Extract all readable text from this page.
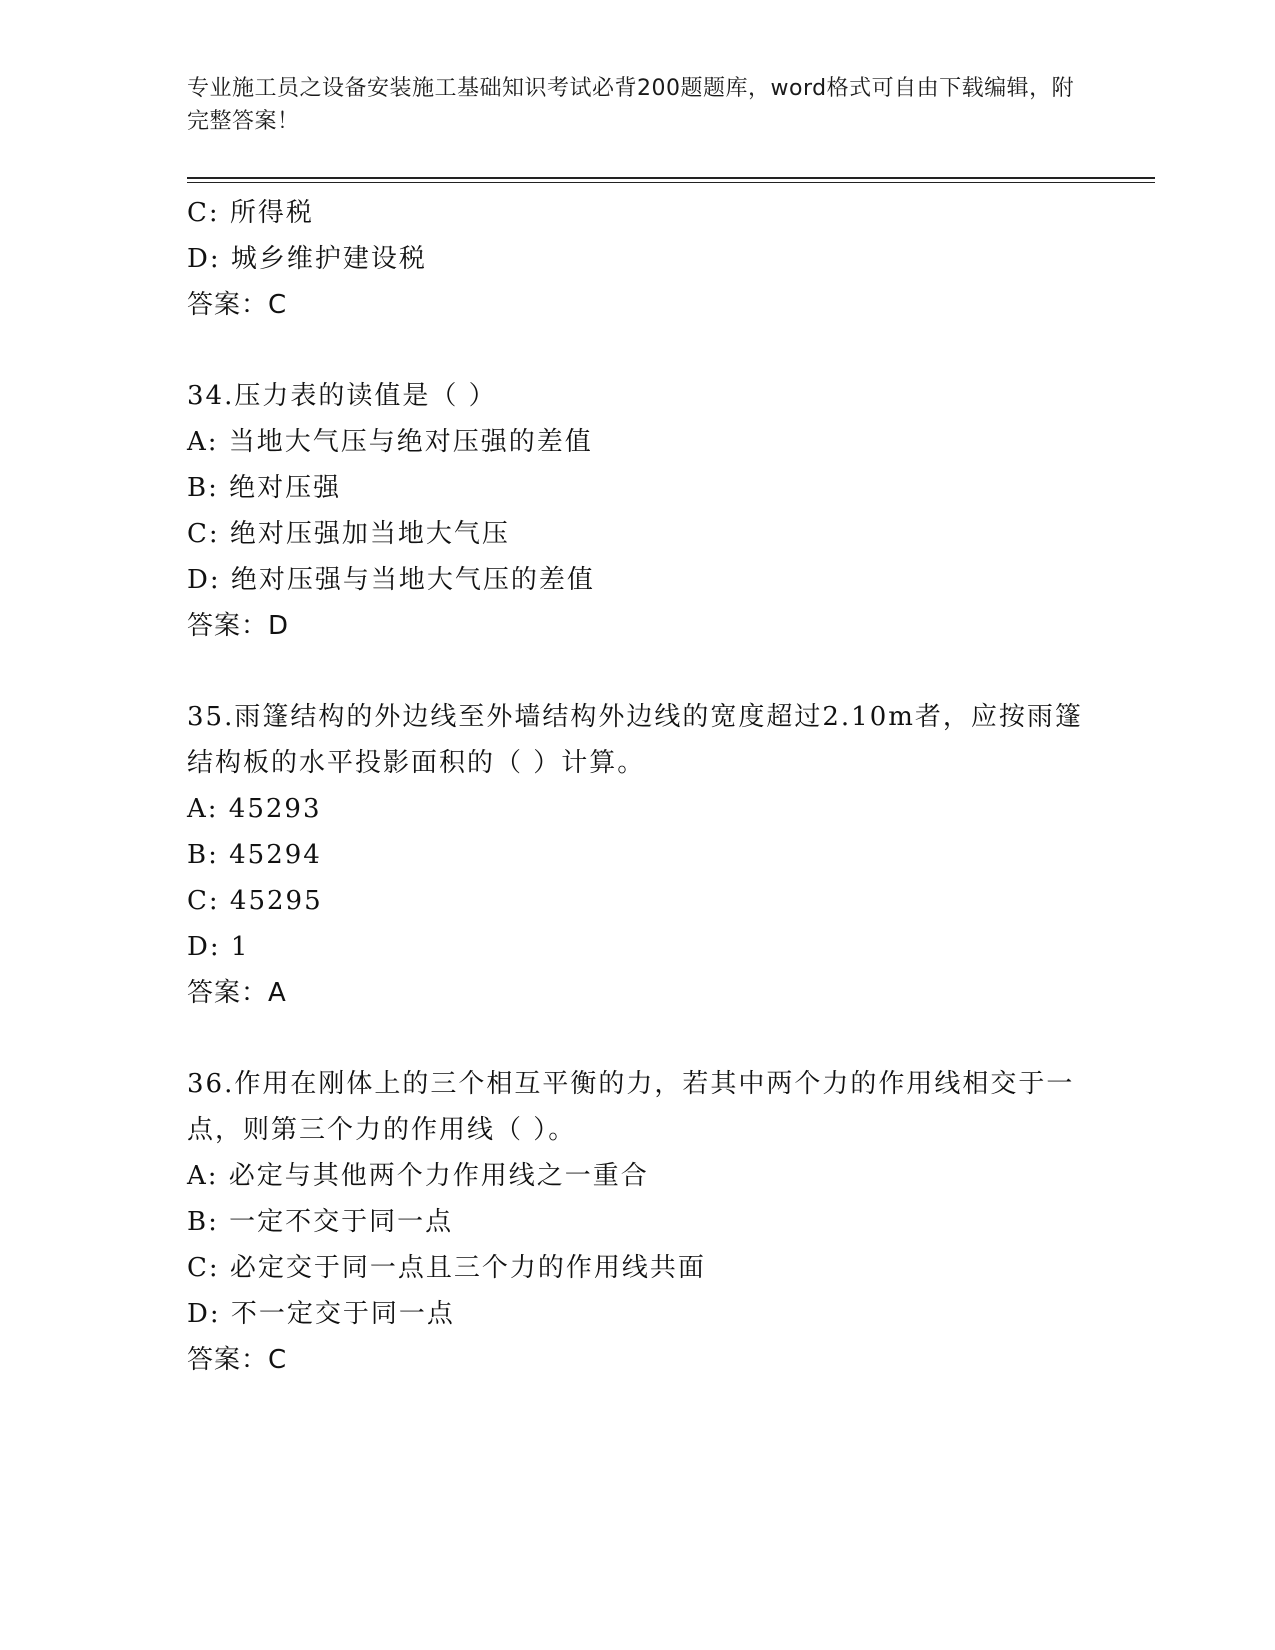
专业施工员之设备安装施工基础知识考试必背200题题库，word格式可自由下载编辑，附完整答案！
C: 所得税
D: 城乡维护建设税
答案：C
34.压力表的读值是（ ）
A: 当地大气压与绝对压强的差值
B: 绝对压强
C: 绝对压强加当地大气压
D: 绝对压强与当地大气压的差值
答案：D
35.雨篷结构的外边线至外墙结构外边线的宽度超过2.10m者，应按雨篷结构板的水平投影面积的（ ）计算。
A: 45293
B: 45294
C: 45295
D: 1
答案：A
36.作用在刚体上的三个相互平衡的力，若其中两个力的作用线相交于一点，则第三个力的作用线（ ）。
A: 必定与其他两个力作用线之一重合
B: 一定不交于同一点
C: 必定交于同一点且三个力的作用线共面
D: 不一定交于同一点
答案：C
